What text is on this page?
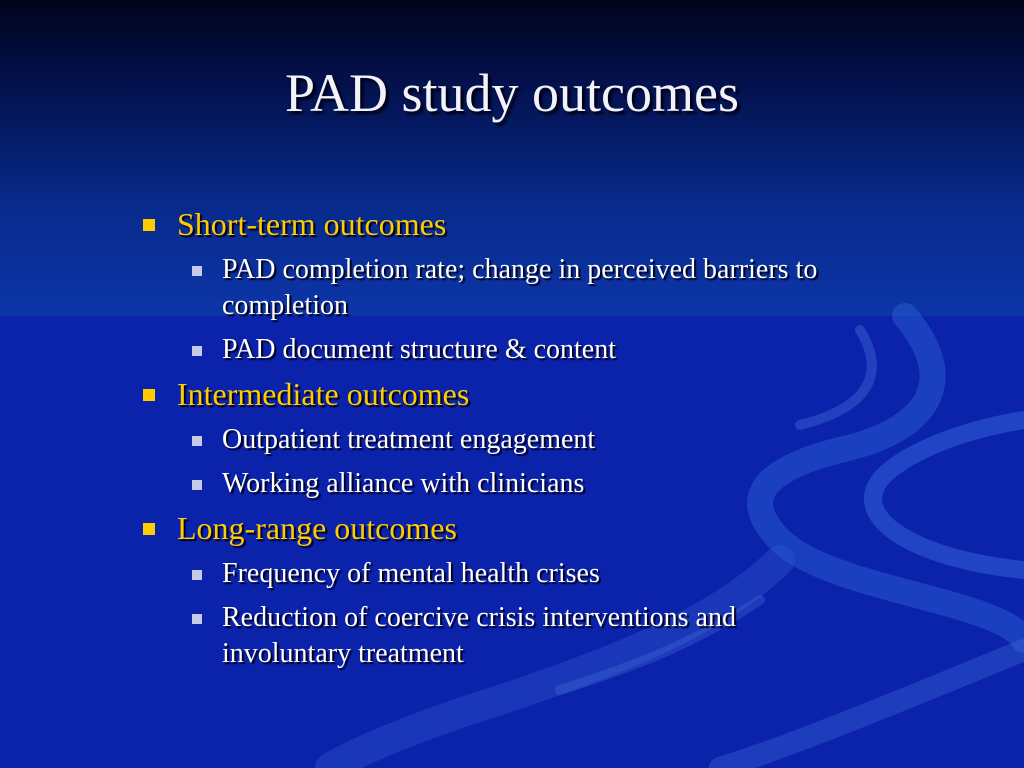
PAD study outcomes
Short-term outcomes
PAD completion rate; change in perceived barriers to completion
PAD document structure & content
Intermediate outcomes
Outpatient treatment engagement
Working alliance with clinicians
Long-range outcomes
Frequency of mental health crises
Reduction of coercive crisis interventions and involuntary treatment
